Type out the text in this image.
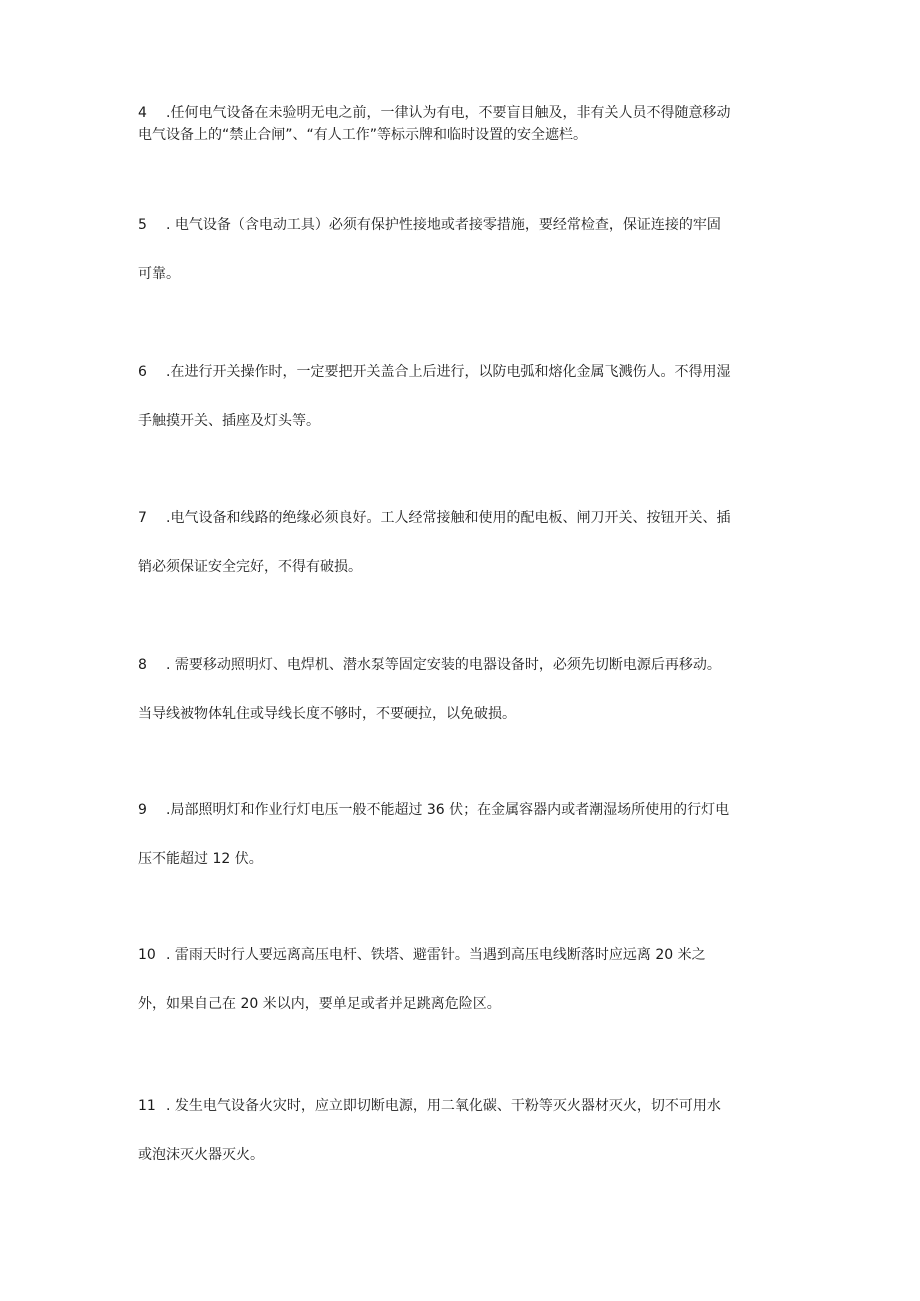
4 .任何电气设备在未验明无电之前，一律认为有电，不要盲目触及，非有关人员不得随意移动
电气设备上的“禁止合闸”、“有人工作”等标示牌和临时设置的安全遮栏。
5 . 电气设备（含电动工具）必须有保护性接地或者接零措施，要经常检查，保证连接的牢固
可靠。
6 .在进行开关操作时，一定要把开关盖合上后进行，以防电弧和熔化金属飞溅伤人。不得用湿
手触摸开关、插座及灯头等。
7 .电气设备和线路的绝缘必须良好。工人经常接触和使用的配电板、闸刀开关、按钮开关、插
销必须保证安全完好，不得有破损。
8 . 需要移动照明灯、电焊机、潜水泵等固定安装的电器设备时，必须先切断电源后再移动。
当导线被物体轧住或导线长度不够时，不要硬拉，以免破损。
9 .局部照明灯和作业行灯电压一般不能超过 36 伏；在金属容器内或者潮湿场所使用的行灯电
压不能超过 12 伏。
10 . 雷雨天时行人要远离高压电杆、铁塔、避雷针。当遇到高压电线断落时应远离 20 米之
外，如果自己在 20 米以内，要单足或者并足跳离危险区。
11 . 发生电气设备火灾时，应立即切断电源，用二氧化碳、干粉等灭火器材灭火，切不可用水
或泡沫灭火器灭火。
